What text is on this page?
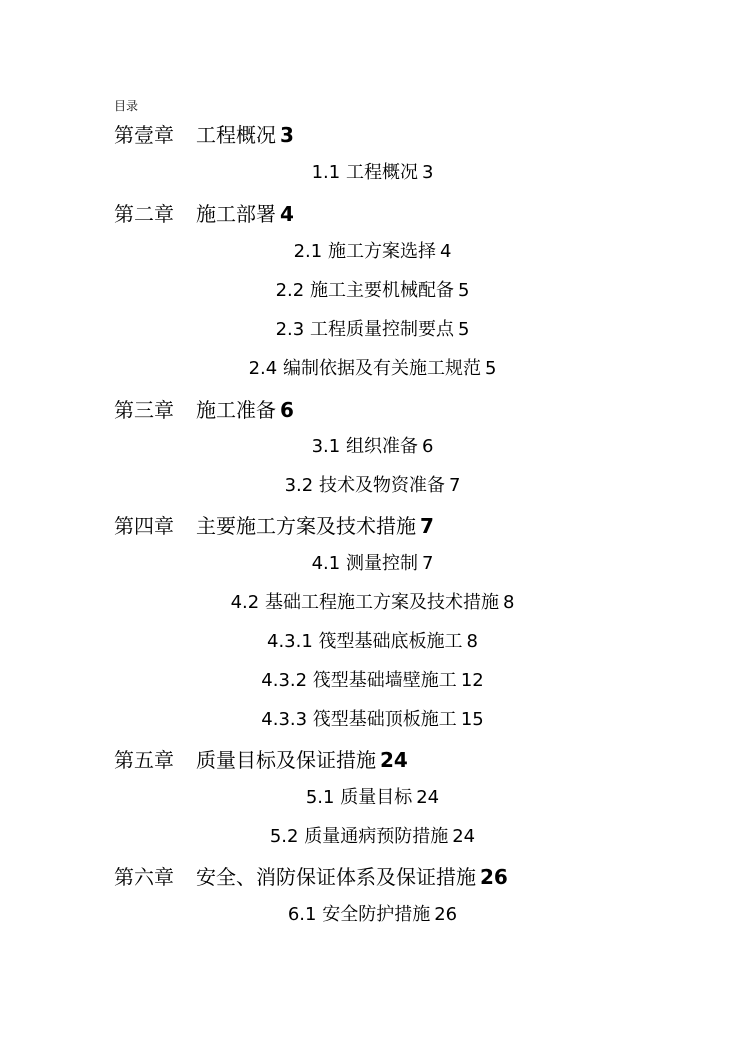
目录
第壹章 工程概况 3
1.1 工程概况 3
第二章 施工部署 4
2.1 施工方案选择 4
2.2 施工主要机械配备 5
2.3 工程质量控制要点 5
2.4 编制依据及有关施工规范 5
第三章 施工准备 6
3.1 组织准备 6
3.2 技术及物资准备 7
第四章 主要施工方案及技术措施 7
4.1 测量控制 7
4.2 基础工程施工方案及技术措施 8
4.3.1 筏型基础底板施工 8
4.3.2 筏型基础墙壁施工 12
4.3.3 筏型基础顶板施工 15
第五章 质量目标及保证措施 24
5.1 质量目标 24
5.2 质量通病预防措施 24
第六章 安全、消防保证体系及保证措施 26
6.1 安全防护措施 26
